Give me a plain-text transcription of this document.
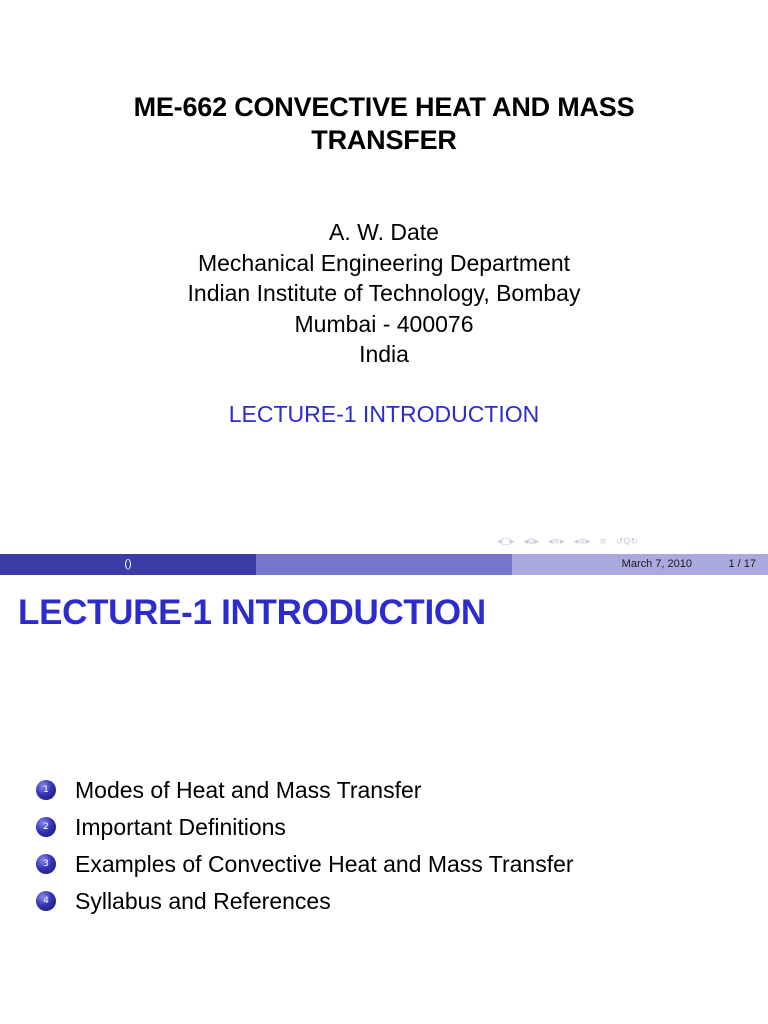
ME-662 CONVECTIVE HEAT AND MASS
TRANSFER
A. W. Date
Mechanical Engineering Department
Indian Institute of Technology, Bombay
Mumbai - 400076
India
LECTURE-1 INTRODUCTION
◂ □ ▸ ◂ ⧉ ▸ ◂ ≡ ▸ ◂ ≡ ▸ ≡ ↺ Q ↻
()	March 7, 2010	1 / 17
LECTURE-1 INTRODUCTION
1	Modes of Heat and Mass Transfer
2	Important Definitions
3	Examples of Convective Heat and Mass Transfer
4	Syllabus and References
